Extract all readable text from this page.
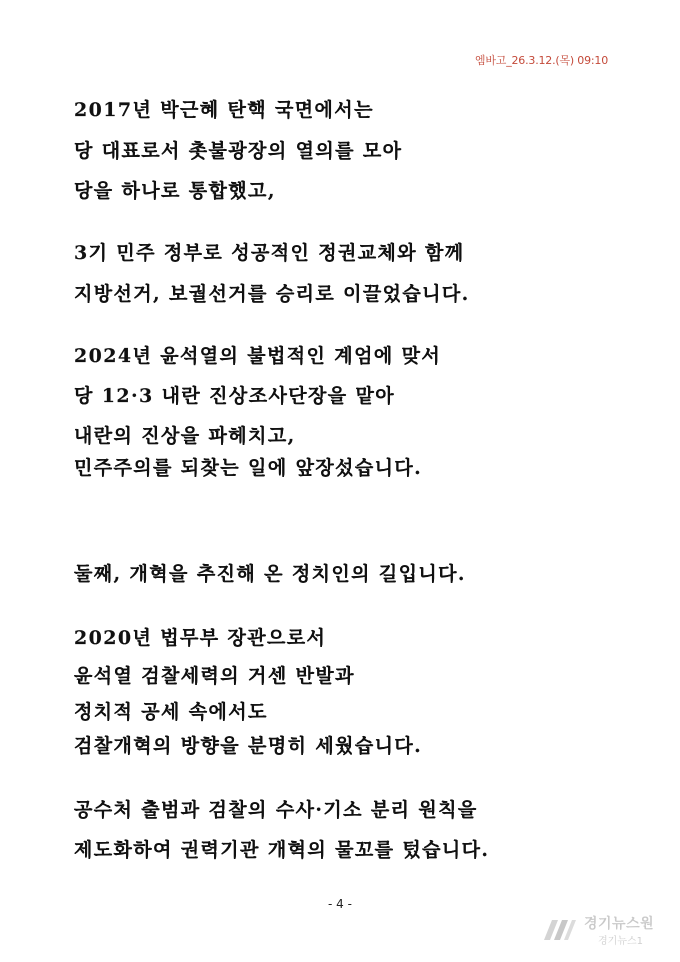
엠바고_26.3.12.(목) 09:10
2017년 박근혜 탄핵 국면에서는
당 대표로서 촛불광장의 열의를 모아
당을 하나로 통합했고,
3기 민주 정부로 성공적인 정권교체와 함께
지방선거, 보궐선거를 승리로 이끌었습니다.
2024년 윤석열의 불법적인 계엄에 맞서
당 12·3 내란 진상조사단장을 맡아
내란의 진상을 파헤치고,
민주주의를 되찾는 일에 앞장섰습니다.
둘째, 개혁을 추진해 온 정치인의 길입니다.
2020년 법무부 장관으로서
윤석열 검찰세력의 거센 반발과
정치적 공세 속에서도
검찰개혁의 방향을 분명히 세웠습니다.
공수처 출범과 검찰의 수사·기소 분리 원칙을
제도화하여 권력기관 개혁의 물꼬를 텄습니다.
- 4 -
경기뉴스원
경기뉴스1
